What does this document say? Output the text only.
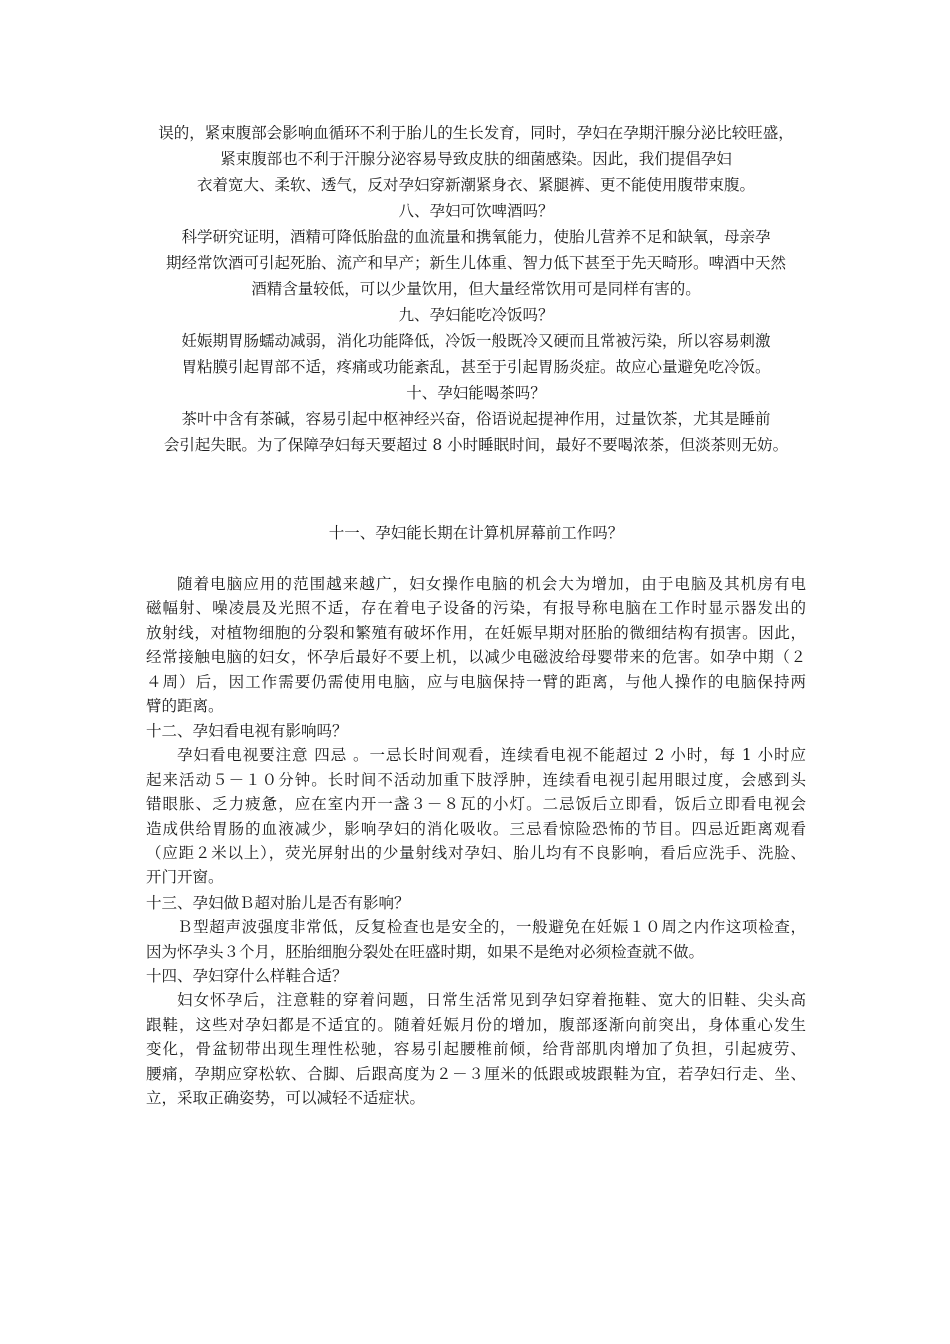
误的，紧束腹部会影响血循环不利于胎儿的生长发育，同时，孕妇在孕期汗腺分泌比较旺盛，
紧束腹部也不利于汗腺分泌容易导致皮肤的细菌感染。因此，我们提倡孕妇
衣着宽大、柔软、透气，反对孕妇穿新潮紧身衣、紧腿裤、更不能使用腹带束腹。
八、孕妇可饮啤酒吗？
科学研究证明，酒精可降低胎盘的血流量和携氧能力，使胎儿营养不足和缺氧，母亲孕
期经常饮酒可引起死胎、流产和早产；新生儿体重、智力低下甚至于先天畸形。啤酒中天然
酒精含量较低，可以少量饮用，但大量经常饮用可是同样有害的。
九、孕妇能吃冷饭吗？
妊娠期胃肠蠕动减弱，消化功能降低，冷饭一般既冷又硬而且常被污染，所以容易刺激
胃粘膜引起胃部不适，疼痛或功能紊乱，甚至于引起胃肠炎症。故应心量避免吃冷饭。
十、孕妇能喝茶吗？
茶叶中含有茶碱，容易引起中枢神经兴奋，俗语说起提神作用，过量饮茶，尤其是睡前
会引起失眠。为了保障孕妇每天要超过 8 小时睡眠时间，最好不要喝浓茶，但淡茶则无妨。
十一、孕妇能长期在计算机屏幕前工作吗？
随着电脑应用的范围越来越广，妇女操作电脑的机会大为增加，由于电脑及其机房有电
磁幅射、噪凌晨及光照不适，存在着电子设备的污染，有报导称电脑在工作时显示器发出的
放射线，对植物细胞的分裂和繁殖有破坏作用，在妊娠早期对胚胎的微细结构有损害。因此，
经常接触电脑的妇女，怀孕后最好不要上机，以减少电磁波给母婴带来的危害。如孕中期（２
４周）后，因工作需要仍需使用电脑，应与电脑保持一臂的距离，与他人操作的电脑保持两
臂的距离。
十二、孕妇看电视有影响吗？
孕妇看电视要注意 四忌 。一忌长时间观看，连续看电视不能超过 2 小时，每 1 小时应
起来活动５－１０分钟。长时间不活动加重下肢浮肿，连续看电视引起用眼过度，会感到头
错眼胀、乏力疲惫，应在室内开一盏３－８瓦的小灯。二忌饭后立即看，饭后立即看电视会
造成供给胃肠的血液减少，影响孕妇的消化吸收。三忌看惊险恐怖的节目。四忌近距离观看
（应距２米以上），荧光屏射出的少量射线对孕妇、胎儿均有不良影响，看后应洗手、洗脸、
开门开窗。
十三、孕妇做Ｂ超对胎儿是否有影响？
Ｂ型超声波强度非常低，反复检查也是安全的，一般避免在妊娠１０周之内作这项检查，
因为怀孕头３个月，胚胎细胞分裂处在旺盛时期，如果不是绝对必须检查就不做。
十四、孕妇穿什么样鞋合适？
妇女怀孕后，注意鞋的穿着问题，日常生活常见到孕妇穿着拖鞋、宽大的旧鞋、尖头高
跟鞋，这些对孕妇都是不适宜的。随着妊娠月份的增加，腹部逐渐向前突出，身体重心发生
变化，骨盆韧带出现生理性松驰，容易引起腰椎前倾，给背部肌肉增加了负担，引起疲劳、
腰痛，孕期应穿松软、合脚、后跟高度为２－３厘米的低跟或坡跟鞋为宜，若孕妇行走、坐、
立，采取正确姿势，可以减轻不适症状。
